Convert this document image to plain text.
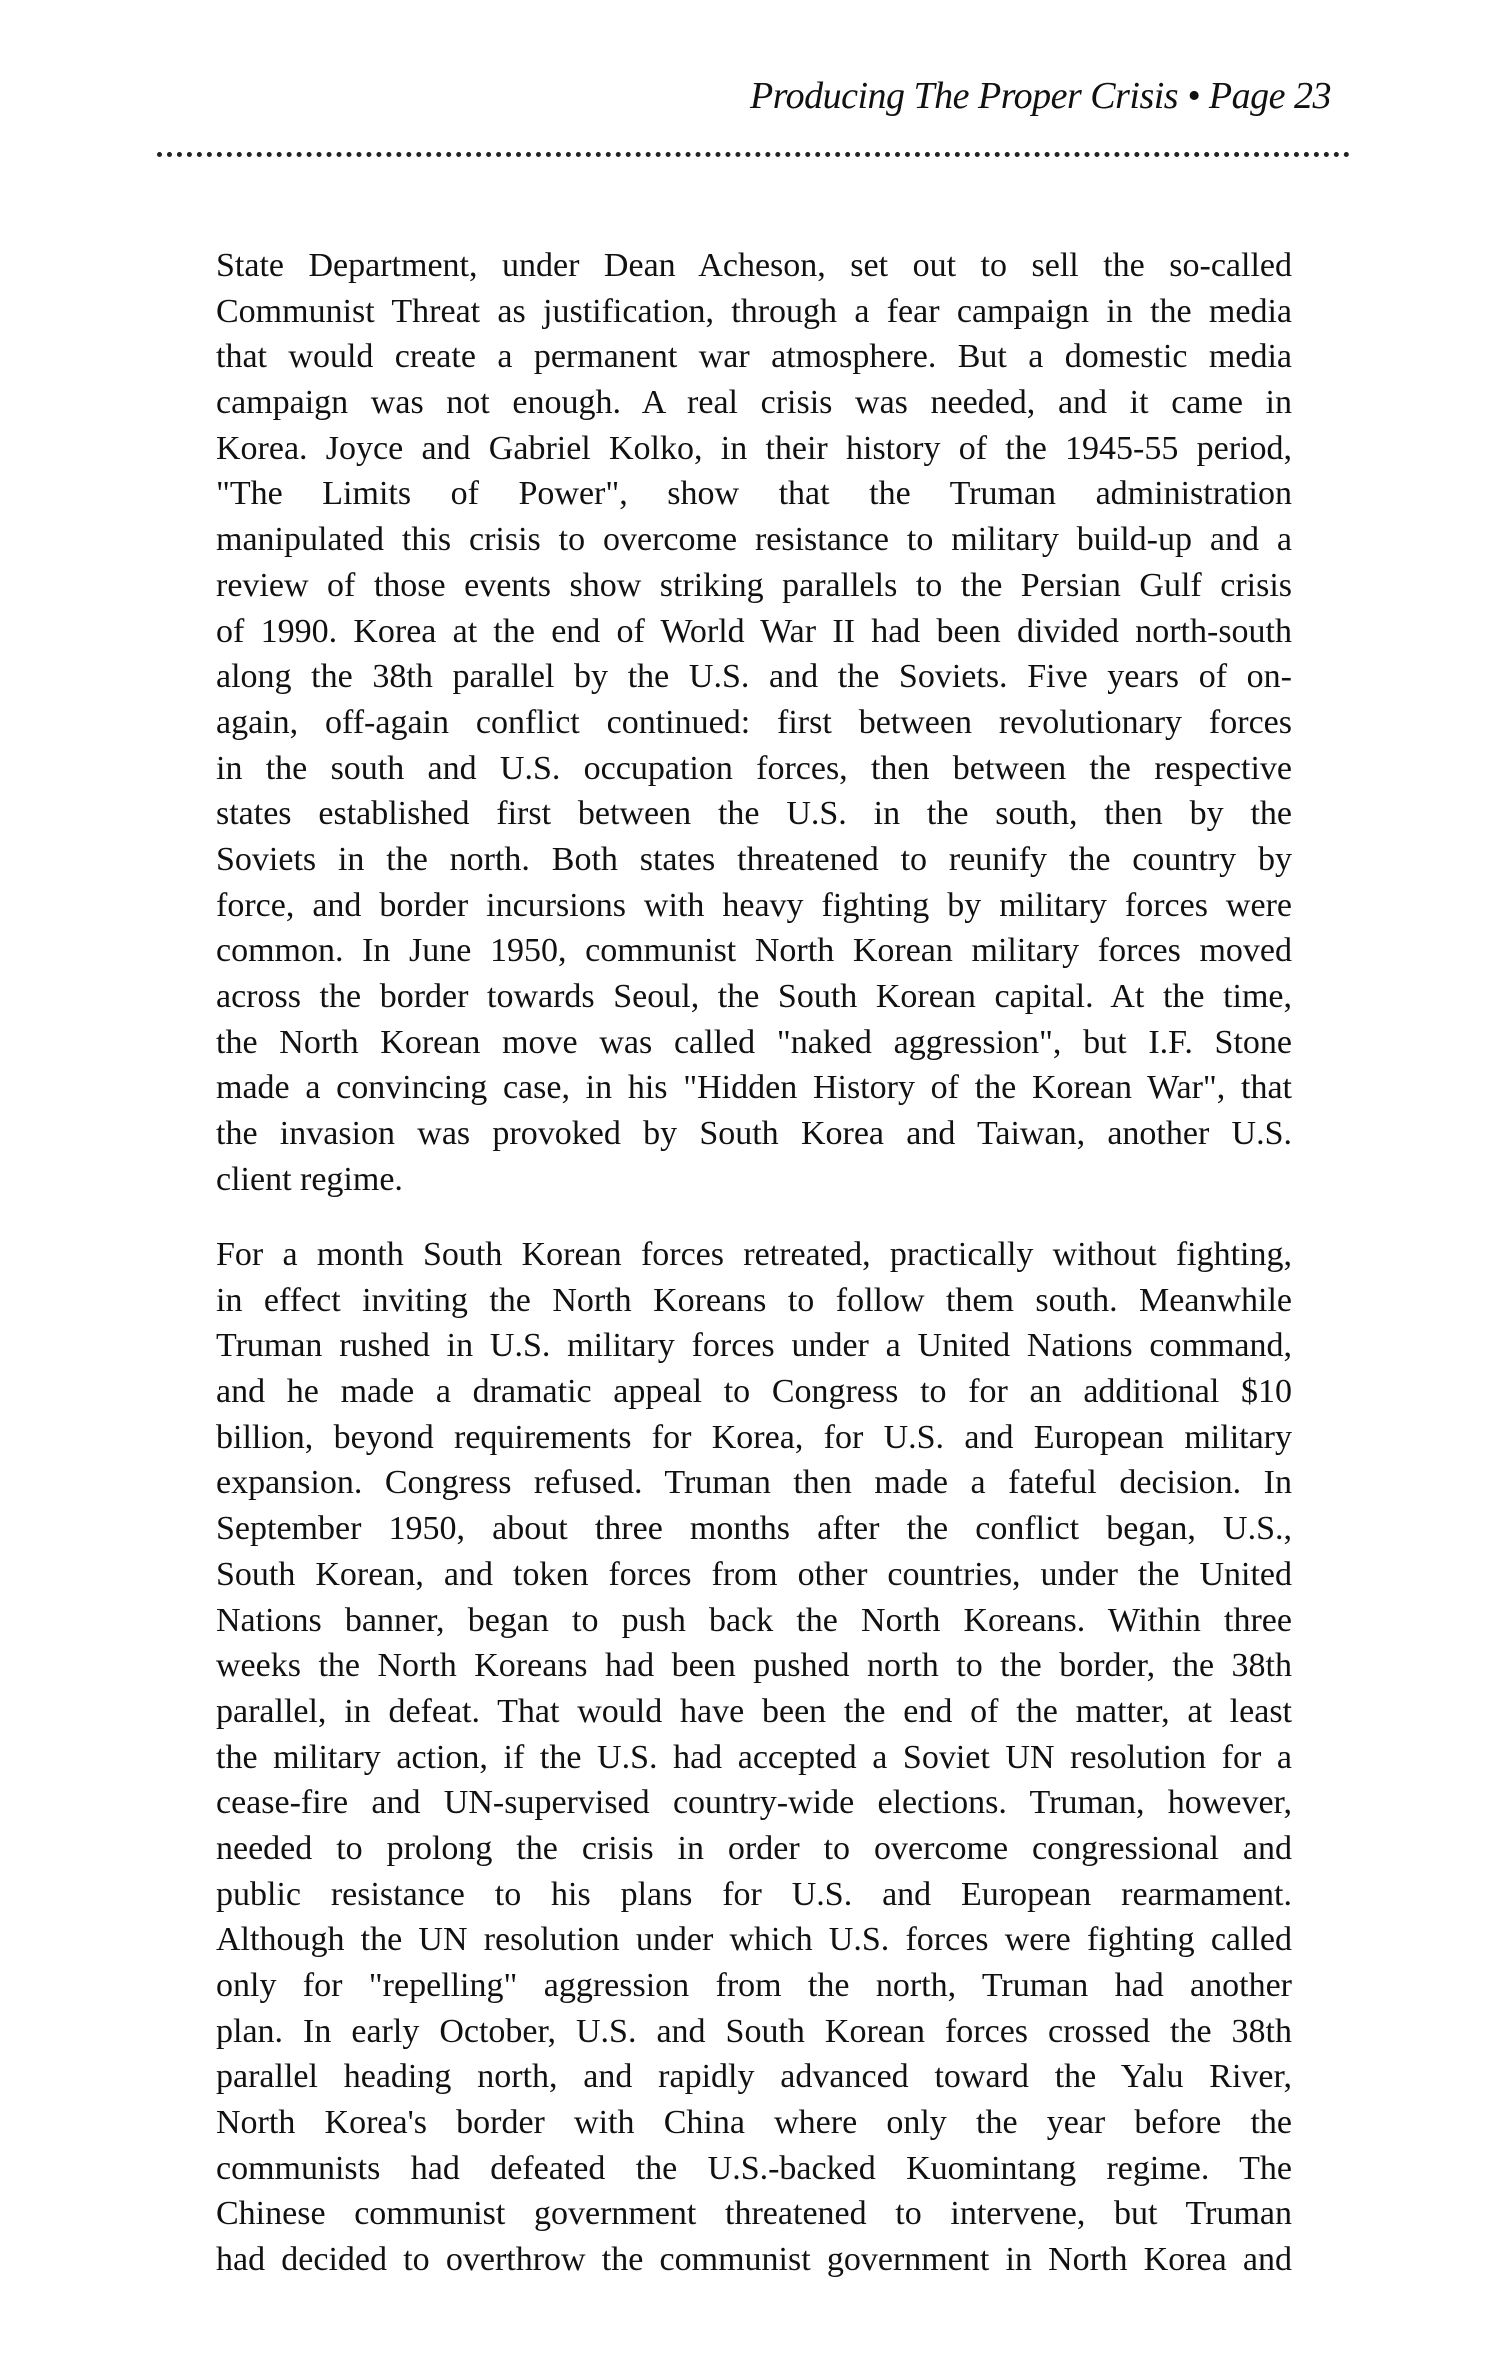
Producing The Proper Crisis • Page 23
State Department, under Dean Acheson, set out to sell the so-called
Communist Threat as justification, through a fear campaign in the media
that would create a permanent war atmosphere. But a domestic media
campaign was not enough. A real crisis was needed, and it came in
Korea. Joyce and Gabriel Kolko, in their history of the 1945-55 period,
"The Limits of Power", show that the Truman administration
manipulated this crisis to overcome resistance to military build-up and a
review of those events show striking parallels to the Persian Gulf crisis
of 1990. Korea at the end of World War II had been divided north-south
along the 38th parallel by the U.S. and the Soviets. Five years of on-
again, off-again conflict continued: first between revolutionary forces
in the south and U.S. occupation forces, then between the respective
states established first between the U.S. in the south, then by the
Soviets in the north. Both states threatened to reunify the country by
force, and border incursions with heavy fighting by military forces were
common. In June 1950, communist North Korean military forces moved
across the border towards Seoul, the South Korean capital. At the time,
the North Korean move was called "naked aggression", but I.F. Stone
made a convincing case, in his "Hidden History of the Korean War", that
the invasion was provoked by South Korea and Taiwan, another U.S.
client regime.
For a month South Korean forces retreated, practically without fighting,
in effect inviting the North Koreans to follow them south. Meanwhile
Truman rushed in U.S. military forces under a United Nations command,
and he made a dramatic appeal to Congress to for an additional $10
billion, beyond requirements for Korea, for U.S. and European military
expansion. Congress refused. Truman then made a fateful decision. In
September 1950, about three months after the conflict began, U.S.,
South Korean, and token forces from other countries, under the United
Nations banner, began to push back the North Koreans. Within three
weeks the North Koreans had been pushed north to the border, the 38th
parallel, in defeat. That would have been the end of the matter, at least
the military action, if the U.S. had accepted a Soviet UN resolution for a
cease-fire and UN-supervised country-wide elections. Truman, however,
needed to prolong the crisis in order to overcome congressional and
public resistance to his plans for U.S. and European rearmament.
Although the UN resolution under which U.S. forces were fighting called
only for "repelling" aggression from the north, Truman had another
plan. In early October, U.S. and South Korean forces crossed the 38th
parallel heading north, and rapidly advanced toward the Yalu River,
North Korea's border with China where only the year before the
communists had defeated the U.S.-backed Kuomintang regime. The
Chinese communist government threatened to intervene, but Truman
had decided to overthrow the communist government in North Korea and
